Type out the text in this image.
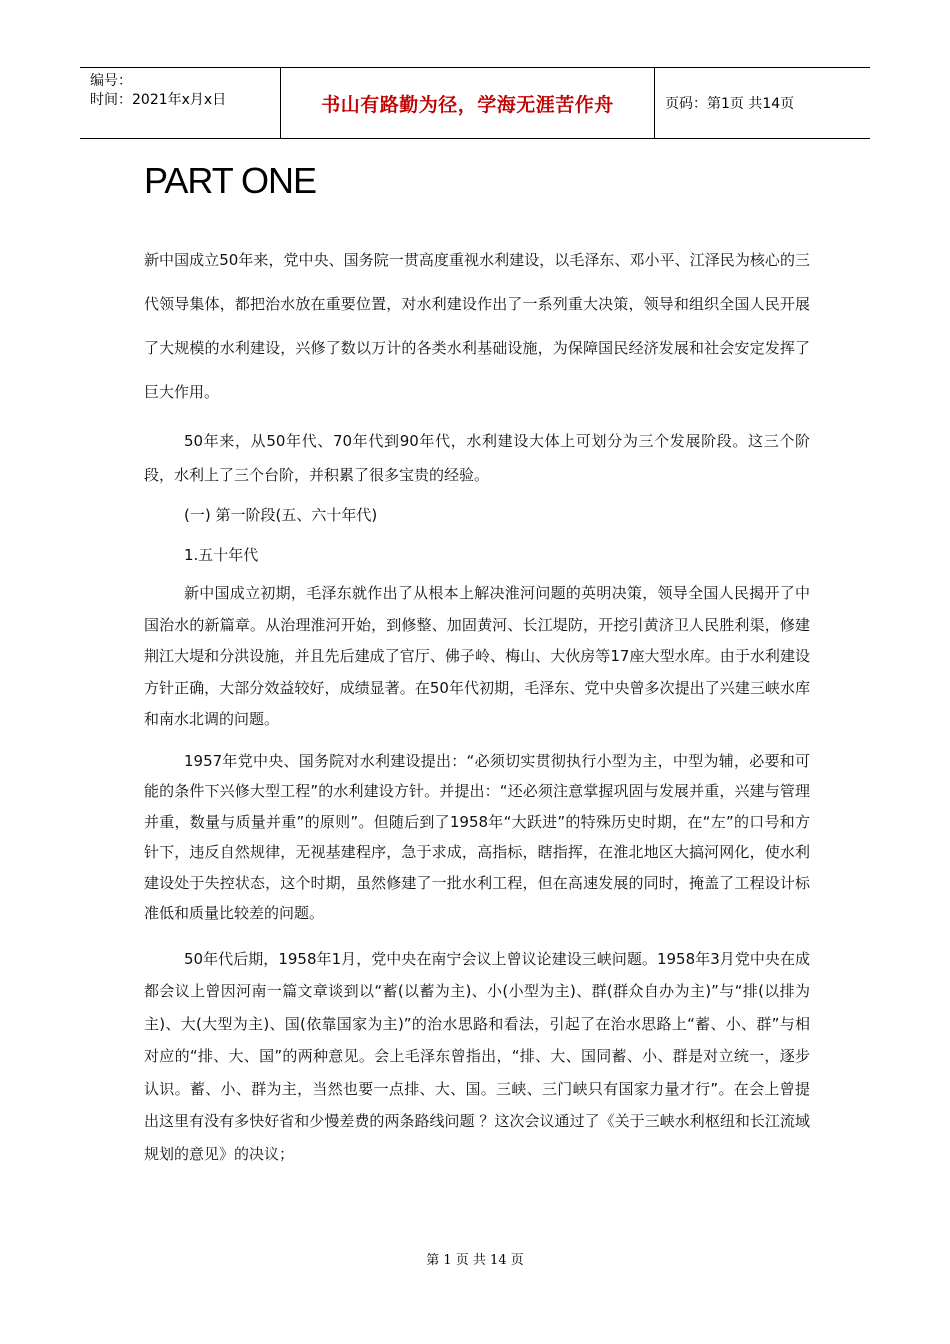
编号：
时间：2021年x月x日	书山有路勤为径，学海无涯苦作舟	页码：第1页 共14页
PART ONE

新中国成立50年来，党中央、国务院一贯高度重视水利建设，以毛泽东、邓小平、江泽民为核心的三代领导集体，都把治水放在重要位置，对水利建设作出了一系列重大决策，领导和组织全国人民开展了大规模的水利建设，兴修了数以万计的各类水利基础设施，为保障国民经济发展和社会安定发挥了巨大作用。

50年来，从50年代、70年代到90年代，水利建设大体上可划分为三个发展阶段。这三个阶段，水利上了三个台阶，并积累了很多宝贵的经验。

(一) 第一阶段(五、六十年代)

1.五十年代

新中国成立初期，毛泽东就作出了从根本上解决淮河问题的英明决策，领导全国人民揭开了中国治水的新篇章。从治理淮河开始，到修整、加固黄河、长江堤防，开挖引黄济卫人民胜利渠，修建荆江大堤和分洪设施，并且先后建成了官厅、佛子岭、梅山、大伙房等17座大型水库。由于水利建设方针正确，大部分效益较好，成绩显著。在50年代初期，毛泽东、党中央曾多次提出了兴建三峡水库和南水北调的问题。

1957年党中央、国务院对水利建设提出：“必须切实贯彻执行小型为主，中型为辅，必要和可能的条件下兴修大型工程”的水利建设方针。并提出：“还必须注意掌握巩固与发展并重，兴建与管理并重，数量与质量并重”的原则”。但随后到了1958年“大跃进”的特殊历史时期，在“左”的口号和方针下，违反自然规律，无视基建程序，急于求成，高指标，瞎指挥，在淮北地区大搞河网化，使水利建设处于失控状态，这个时期，虽然修建了一批水利工程，但在高速发展的同时，掩盖了工程设计标准低和质量比较差的问题。

50年代后期，1958年1月，党中央在南宁会议上曾议论建设三峡问题。1958年3月党中央在成都会议上曾因河南一篇文章谈到以“蓄(以蓄为主)、小(小型为主)、群(群众自办为主)”与“排(以排为主)、大(大型为主)、国(依靠国家为主)”的治水思路和看法，引起了在治水思路上“蓄、小、群”与相对应的“排、大、国”的两种意见。会上毛泽东曾指出，“排、大、国同蓄、小、群是对立统一，逐步认识。蓄、小、群为主，当然也要一点排、大、国。三峡、三门峡只有国家力量才行”。在会上曾提出这里有没有多快好省和少慢差费的两条路线问题 ？这次会议通过了《关于三峡水利枢纽和长江流域规划的意见》的决议；

第 1 页 共 14 页
